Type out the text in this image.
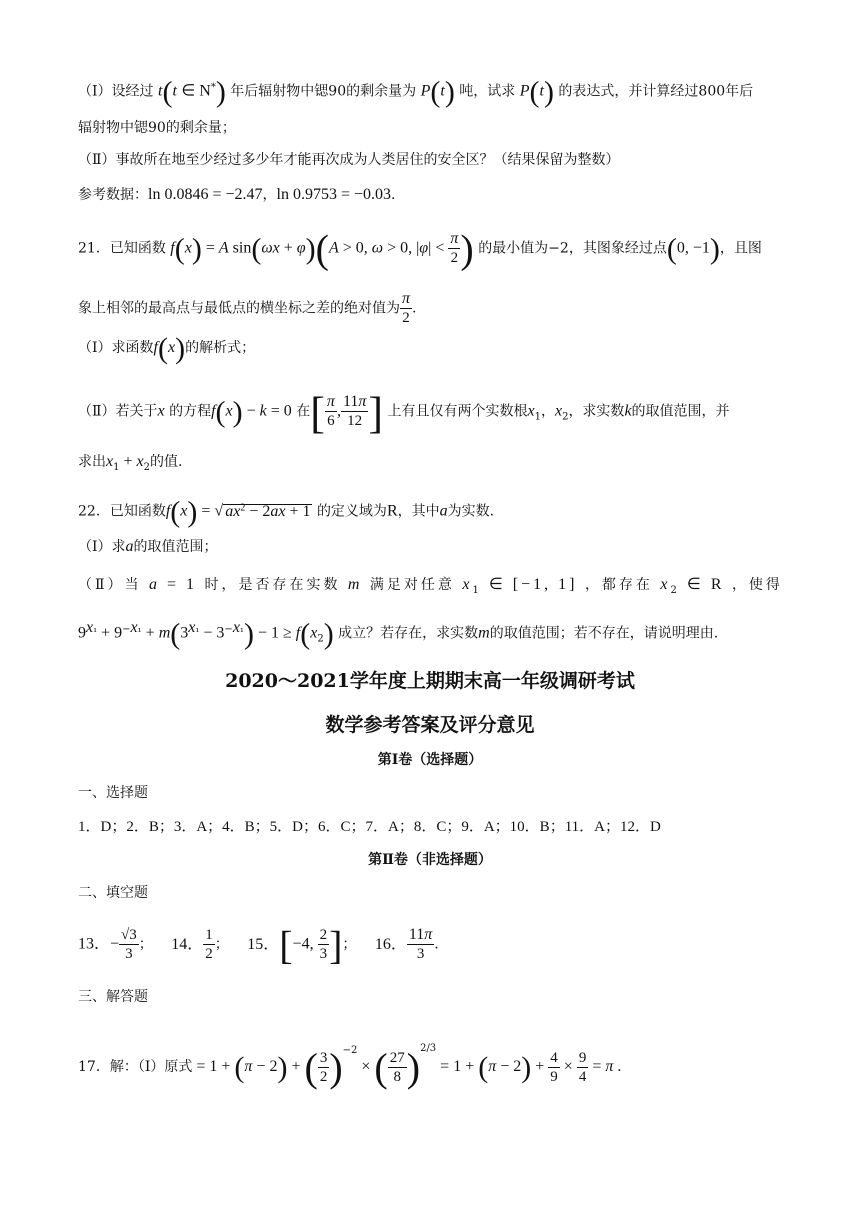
（Ⅰ）设经过 t(t ∈ N*) 年后辐射物中锶90的剩余量为 P(t) 吨，试求 P(t) 的表达式，并计算经过800年后
辐射物中锶90的剩余量；
（Ⅱ）事故所在地至少经过多少年才能再次成为人类居住的安全区？（结果保留为整数）
参考数据：ln 0.0846 = −2.47，ln 0.9753 = −0.03.
21．已知函数 f(x) = A sin(ωx + φ)(A > 0, ω > 0, $|\varphi| < \frac{\pi}{2}$ ) 的最小值为−2，其图象经过点(0, −1)，且图
象上相邻的最高点与最低点的横坐标之差的绝对值为 $\frac{\pi}{2}$ .
（Ⅰ）求函数f(x)的解析式；
（Ⅱ）若关于x 的方程f(x) − k = 0 在[ $\frac{\pi}{6}$ , $\frac{11\pi}{12}$ ] 上有且仅有两个实数根$x_1$，$x_2$，求实数k的取值范围，并
求出$x_1 + x_2$的值.
22．已知函数f(x) = √ $ax^2 - 2ax + 1$ 的定义域为R，其中a为实数.
（Ⅰ）求a的取值范围；
（Ⅱ）当 a = 1 时，是否存在实数 m 满足对任意 $x_1$ ∈ [−1, 1] ，都存在 $x_2$ ∈ R ，使得
$9^{x_1} + 9^{-x_1} + m(3^{x_1} - 3^{-x_1}) - 1 \ge f(x_2)$ 成立？若存在，求实数m的取值范围；若不存在，请说明理由.
2020～2021学年度上期期末高一年级调研考试
数学参考答案及评分意见
第Ⅰ卷（选择题）
一、选择题
1．D；2．B；3．A；4．B；5．D；6．C；7．A；8．C；9．A；10．B；11．A；12．D
第Ⅱ卷（非选择题）
二、填空题
13．− $\frac{√3}{3}$ ； 14． $\frac{1}{2}$ ； 15．[−4, $\frac{2}{3}$ ]； 16． $\frac{11\pi}{3}$ .
三、解答题
17．解：（Ⅰ）原式 = 1 + (π − 2) + ( $\frac{3}{2} )^{-2}$ × ( $\frac{27}{8} )^{2/3} = 1 + (\pi - 2) + \frac{4}{9} \times \frac{9}{4} = \pi$ .
